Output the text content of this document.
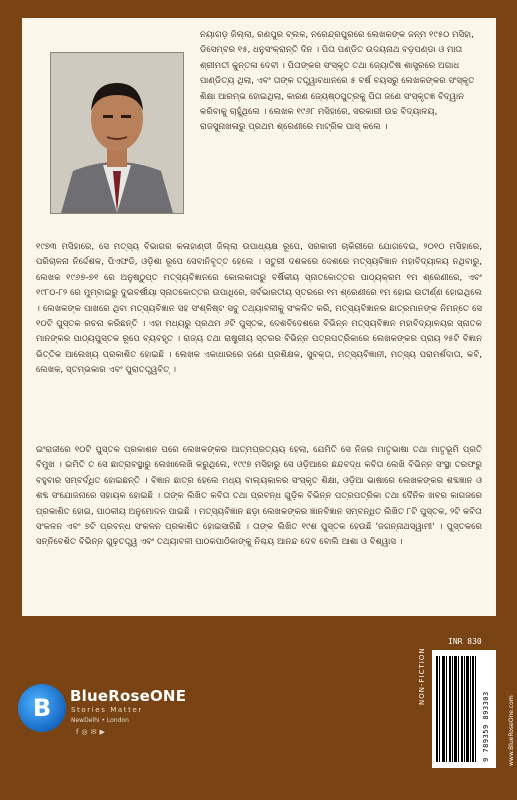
ନୟାଗଡ଼ ଜିଲ୍ଲା, ରଣପୁର ବ୍ଲକ, ନରେନ୍ଦ୍ରପୁରରେ ଲେଖକଙ୍କ ଜନ୍ମ ୧୯୫୦ ମସିହା, ଡିସେମ୍ବର ୧୫, ଧନୁସଂକ୍ରାନ୍ତି ଦିନ । ପିତା ପଣ୍ଡିତ ଉଦୟନାଥ ବଡ଼ପଣ୍ଡା ଓ ମାତା ଶ୍ରୀମତୀ କୁନ୍ତଳା ଦେବୀ । ପିତାଙ୍କର ସଂସ୍କୃତ ତଥା ଜ୍ୟୋତିଷ ଶାସ୍ତ୍ରରେ ଅଗାଧ ପାଣ୍ଡିତ୍ୟ ଥିଲା, ଏବଂ ତାଙ୍କ ତତ୍ତ୍ୱାବଧାନରେ ୫ ବର୍ଷ ବୟସରୁ ଲେଖକଙ୍କର ସଂସ୍କୃତ ଶିକ୍ଷା ଆରମ୍ଭ ହୋଇଥିଲା, କାରଣ ଜ୍ୟେଷ୍ଠପୁତ୍ରକୁ ପିତା ଜଣେ ସଂସ୍କୃତଜ୍ଞ ବିଦ୍ୱାନ କରିବାକୁ ଚାହୁଁଥିଲେ । ଲେଖକ ୧୯୬୮ ମସିହାରେ, ସରକାରୀ ଉଚ୍ଚ ବିଦ୍ୟାଳୟ, ରାଜସୁନାଖଳାରୁ ପ୍ରଥମ ଶ୍ରେଣୀରେ ମାଟ୍ରିକ ପାସ୍ କଲେ ।

୧୯୭୩ ମସିହାରେ, ସେ ମତ୍ସ୍ୟ ବିଭାଗର କଳାହାଣ୍ଡୀ ଜିଲ୍ଲା ଉପାଧ୍ୟକ୍ଷ ରୂପେ, ସରକାରୀ ଚାକିରୀରେ ଯୋଗଦେଇ, ୨୦୧୦ ମସିହାରେ, ପରିଚାଳନା ନିର୍ଦ୍ଦେଶକ, ପିଏଫଡି, ଓଡ଼ିଶା ରୂପେ ସେବାନିବୃତ୍ତ ହେଲେ । ସତୁରୀ ଦଶକରେ ଦେଶରେ ମତ୍ସ୍ୟବିଜ୍ଞାନ ମହାବିଦ୍ୟାଳୟ ନଥିବାରୁ, ଲେଖକ ୧୯୬୭-୭୧ ରେ ଅନୁଷ୍ଠୁପ୍ତ ମତ୍ସ୍ୟବିଜ୍ଞାନରେ କୋଲକାତାରୁ ବର୍ଷିକୀୟ ସ୍ନାତକୋତ୍ତର ପାଠ୍ୟକ୍ରମ ୧ମ ଶ୍ରେଣୀରେ, ଏବଂ ୧୯୮୦-୮୨ ରେ ମୁମ୍ବାଇରୁ ଦୁଇବର୍ଷୀୟା ସ୍ନାତକୋତ୍ତର ଉପାଧିରେ, ସର୍ବଭାରତୀୟ ସ୍ତରରେ ୧ମ ଶ୍ରେଣୀରେ ୧ମ ହୋଇ ଉତୀର୍ଣ୍ଣ ହୋଇଥିଲେ । ଲେଖକଙ୍କ ପାଖରେ ଥିବା ମତ୍ସ୍ୟବିଜ୍ଞାନ ସହ ସଂଶ୍ଳିଷ୍ଟ ସବୁ ତଥ୍ୟାବଳୀକୁ ସଂକଳିତ କରି, ମତ୍ସ୍ୟବିଜ୍ଞାନର ଛାତ୍ରମାନଙ୍କ ନିମନ୍ତେ ସେ ୧୦ଟି ପୁସ୍ତକ ରଚନା କରିଛନ୍ତି । ଏହା ମଧ୍ୟରୁ ପ୍ରଥମ ୬ଟି ପୁସ୍ତକ, ଦେଶବିଦେଶରେ ବିଭିନ୍ନ ମତ୍ସ୍ୟବିଜ୍ଞାନ ମହାବିଦ୍ୟାଳୟର ସ୍ନାତକ ମାନଙ୍କର ପାଠ୍ୟପୁସ୍ତକ ରୂପେ ବ୍ୟବହୃତ । ରାଜ୍ୟ ତଥା ରାଷ୍ଟ୍ରୀୟ ସ୍ତରର ବିଭିନ୍ନ ପତ୍ରପତ୍ରିକାରେ ଲେଖକଙ୍କର ପ୍ରାୟ ୨୫ଟି ବିଜ୍ଞାନ ଭିତ୍ତିକ ଆଲେଖ୍ୟ ପ୍ରକାଶିତ ହୋଇଛି । ଲେଖକ ଏକାଧାରରେ ଜଣେ ପ୍ରଶିକ୍ଷକ, ସୁବକ୍ତା, ମତ୍ସ୍ୟବିଜ୍ଞାନୀ, ମତ୍ସ୍ୟ ପରାମର୍ଶଦାତା, କବି, ଲେଖକ, ସ୍ତମ୍ଭକାର ଏବଂ ପୁରାତତ୍ତ୍ୱବିତ୍ ।

ଇଂରାଜୀରେ ୧୦ଟି ପୁସ୍ତକ ପ୍ରକାଶନ ପରେ ଲେଖକଙ୍କର ଆତ୍ମପ୍ରତ୍ୟୟ ହେଲା, ଯେମିତି ସେ ନିଜର ମାତୃଭାଷା ତଥା ମାତୃଭୂମି ପ୍ରତି ବିମୁଖ । ଇମିତି ତ ସେ ଛାତ୍ରାବସ୍ଥାରୁ ଲେଖାଲେଖି କରୁଥିଲେ, ୧୯୯୭ ମସିହାରୁ ସେ ଓଡ଼ିଆରେ ଛନ୍ଦବଦ୍ଧ କବିତା ଲେଖି ବିଭିନ୍ନ ସଂସ୍ଥା ତରଫରୁ ବହୁବାର ସମ୍ବର୍ଦ୍ଧିତ ହୋଇଛନ୍ତି । ବିଜ୍ଞାନ ଛାତ୍ର ହେଲେ ମଧ୍ୟ ବାଲ୍ୟକାଳର ସଂସ୍କୃତ ଶିକ୍ଷା, ଓଡ଼ିଆ ଭାଷାରେ ଲେଖକଙ୍କର ଶବ୍ଦଜ୍ଞାନ ଓ ଶବ୍ଦ ସଂଯୋଜନାରେ ସହାୟକ ହୋଇଛି । ତାଙ୍କ ଲିଖିତ କବିତା ତଥା ପ୍ରବନ୍ଧ ଗୁଡ଼ିକ ବିଭିନ୍ନ ପତ୍ରପତ୍ରିକା ତଥା ଦୈନିକ ଖବର କାଗଜରେ ପ୍ରକାଶିତ ହୋଇ, ପାଠକୀୟ ଅନୁମୋଦନ ପାଇଛି । ମତ୍ସ୍ୟବିଜ୍ଞାନ ଛଡ଼ା ଲେଖକଙ୍କର ଜ୍ଞାନବିଜ୍ଞାନ ସମ୍ବନ୍ଧିତ ଲିଖିତ ୮ଟି ପୁସ୍ତକ, ୨ଟି କବିତା ସଂକଳନ ଏବଂ ୭ଟି ପ୍ରବନ୍ଧ ସଂକଳନ ପ୍ରକାଶିତ ହୋଇସାରିଛି । ତାଙ୍କ ଲିଖିତ ୧୯ଶ ପୁସ୍ତକ ହେଉଛି 'ଜଗନ୍ନାଥସ୍ୱାମୀ' । ପୁସ୍ତକରେ ସନ୍ନିବେଶିତ ବିଭିନ୍ନ ଗୁଢ଼ତତ୍ତ୍ୱ ଏବଂ ତଥ୍ୟାବଳୀ ପାଠକପାଠିକାଙ୍କୁ ନିଶ୍ଚୟ ଆନନ୍ଦ ଦେବ ବୋଲି ଆଶା ଓ ବିଶ୍ୱାସ ।

B	BlueRoseONE
Stories Matter
NewDelhi • London
f◎✉▶
INR 830
NON-FICTION
9 789359 893303	www.BlueRoseOne.com
